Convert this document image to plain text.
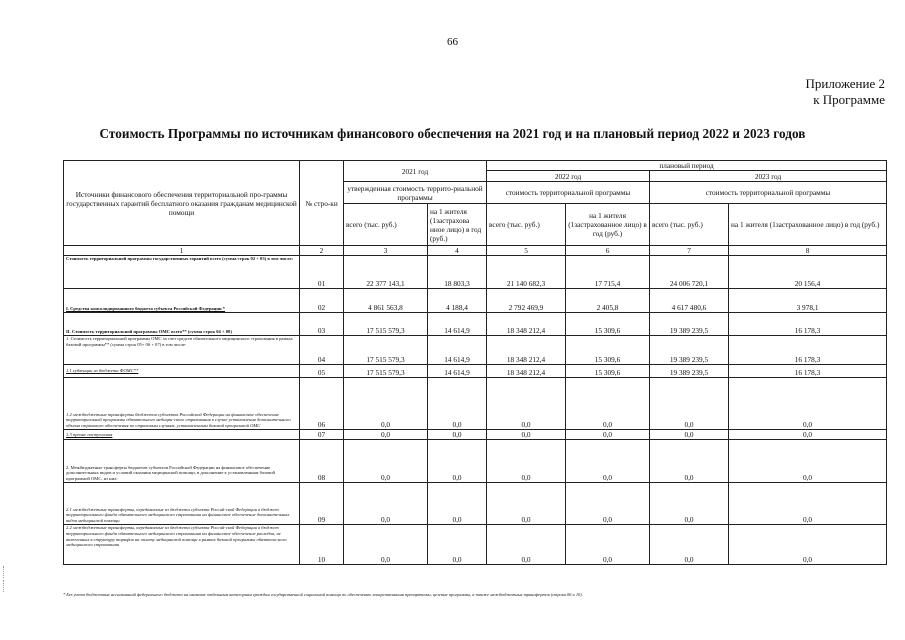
66
Приложение 2
к Программе
Стоимость Программы по источникам финансового обеспечения на 2021 год и на плановый период 2022 и 2023 годов
Источники финансового обеспечения территориальной про-граммы государственных гарантий бесплатного оказания гражданам медицинской помощи	№ стро-ки	2021 год		плановый период			
				2022 год		2023 год	
		утвержденная стоимость террито-риальной программы		стоимость территориальной программы		стоимость территориальной программы	
		всего (тыс. руб.)	на 1 жителя (1застрахова нное лицо) в год (руб.)	всего (тыс. руб.)	на 1 жителя (1застрахованное лицо) в год (руб.)	всего (тыс. руб.)	на 1 жителя (1застрахованное лицо) в год (руб.)
1	2	3	4	5	6	7	8
Стоимость территориальной программы государственных гарантий всего (сумма строк 02 + 03) в том числе:	01	22 377 143,1	18 803,3	21 140 682,3	17 715,4	24 006 720,1	20 156,4
I. Средства консолидированного бюджета субъекта Российской Федерации *	02	4 861 563,8	4 188,4	2 792 469,9	2 405,8	4 617 480,6	3 978,1
II. Стоимость территориальной программы ОМС всего** (сумма строк 04 + 08)	03	17 515 579,3	14 614,9	18 348 212,4	15 309,6	19 389 239,5	16 178,3
1. Стоимость территориальной программы ОМС за счет средств обязательного медицинского страхования в рамках базовой программы** (сумма строк 05+ 06 + 07) в том числе:	04	17 515 579,3	14 614,9	18 348 212,4	15 309,6	19 389 239,5	16 178,3
1.1 субвенции из бюджета ФОМС**	05	17 515 579,3	14 614,9	18 348 212,4	15 309,6	19 389 239,5	16 178,3
1.2 межбюджетные трансферты бюджетов субъектов Российской Федерации на финансовое обеспечение территориальной программы обязательного медицин-ского страхования в случае установления дополнительного объема страхового обеспечения по страховым случаям, установленным базовой программой ОМС	06	0,0	0,0	0,0	0,0	0,0	0,0
1.3 прочие поступления	07	0,0	0,0	0,0	0,0	0,0	0,0
2. Межбюджетные трансферты бюджетов субъектов Российской Федерации на финансовое обеспечение дополнительных видов и условий оказания медицинской помощи, в дополнение к установленным базовой программой ОМС, из них:	08	0,0	0,0	0,0	0,0	0,0	0,0
2.1 межбюджетные трансферты, передаваемые из бюджета субъекта Россий-ской Федерации в бюджет территориального фонда обязательного медицинского страхования на финансовое обеспечение дополнительных видов медицинской помощи	09	0,0	0,0	0,0	0,0	0,0	0,0
2.2 межбюджетные трансферты, передаваемые из бюджета субъекта Россий-ской Федерации в бюджет территориального фонда обязательного медицинского страхования на финансовое обеспечение расходов, не включенных в структуру тарифов на оплату медицинской помощи в рамках базовой программы обязатель-ного медицинского страхования	10	0,0	0,0	0,0	0,0	0,0	0,0
* Без учета бюджетных ассигнований федерального бюджета на оказание отдельным категориям граждан государственной социальной помощи по обеспечению лекарственными препаратами, целевые программы, а также межбюджетных трансфертов (строки 06 и 10).
